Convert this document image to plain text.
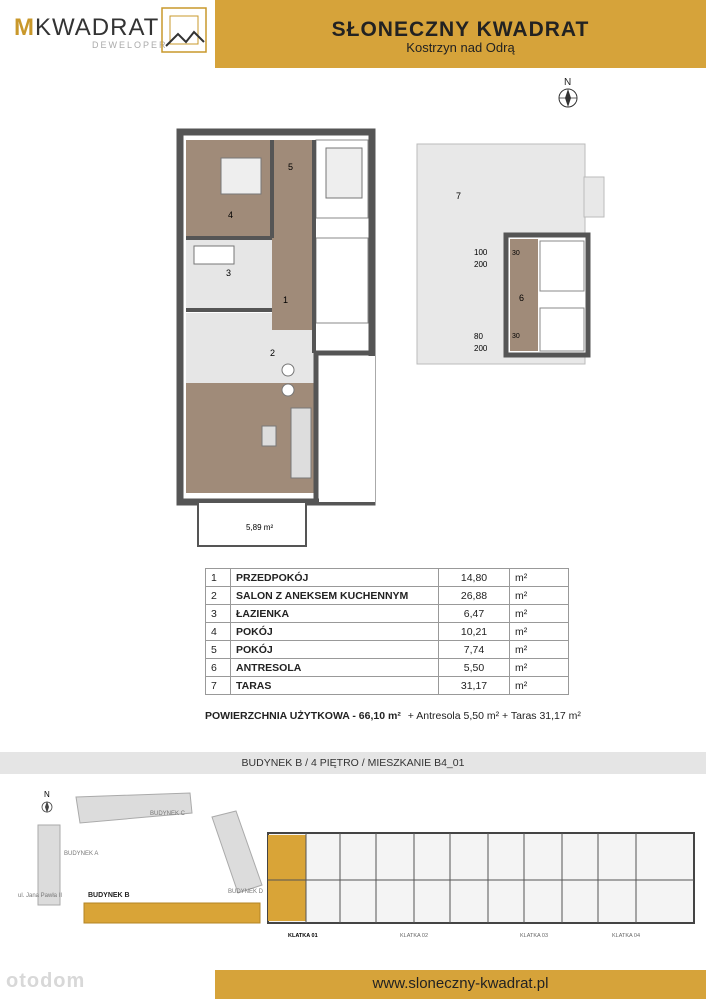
MKWADRAT
DEWELOPER
SŁONECZNY KWADRAT
Kostrzyn nad Odrą
N
4
5
3
1
2
5,89 m²
7
6
100
200
30
80
200
30
1	PRZEDPOKÓJ	14,80	m²
2	SALON Z ANEKSEM KUCHENNYM	26,88	m²
3	ŁAZIENKA	6,47	m²
4	POKÓJ	10,21	m²
5	POKÓJ	7,74	m²
6	ANTRESOLA	5,50	m²
7	TARAS	31,17	m²
POWIERZCHNIA UŻYTKOWA - 66,10 m² + Antresola 5,50 m² + Taras 31,17 m²
BUDYNEK B / 4 PIĘTRO / MIESZKANIE B4_01
N
BUDYNEK C
BUDYNEK A
BUDYNEK B	BUDYNEK D
ul. Jana Pawła II
KLATKA 01	KLATKA 02	KLATKA 03	KLATKA 04
www.sloneczny-kwadrat.pl
otodom
